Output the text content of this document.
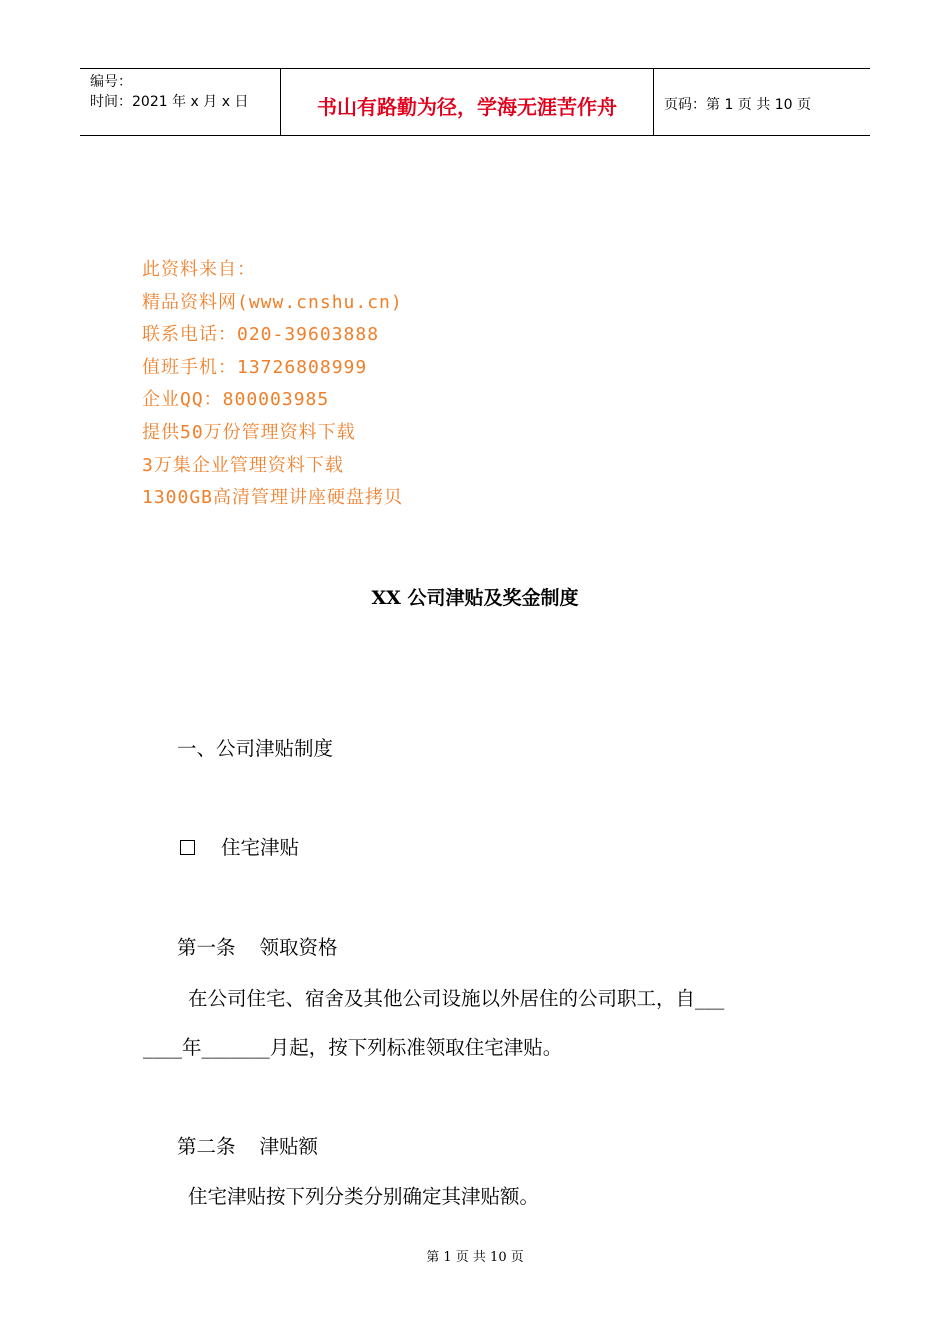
编号：
时间：2021 年 x 月 x 日	书山有路勤为径，学海无涯苦作舟	页码：第 1 页 共 10 页
此资料来自：
精品资料网(www.cnshu.cn)
联系电话：020-39603888
值班手机：13726808999
企业QQ：800003985
提供50万份管理资料下载
3万集企业管理资料下载
1300GB高清管理讲座硬盘拷贝
XX 公司津贴及奖金制度
一、公司津贴制度
住宅津贴
第一条 领取资格
在公司住宅、宿舍及其他公司设施以外居住的公司职工，自___
____年_______月起，按下列标准领取住宅津贴。
第二条 津贴额
住宅津贴按下列分类分别确定其津贴额。
第 1 页 共 10 页
